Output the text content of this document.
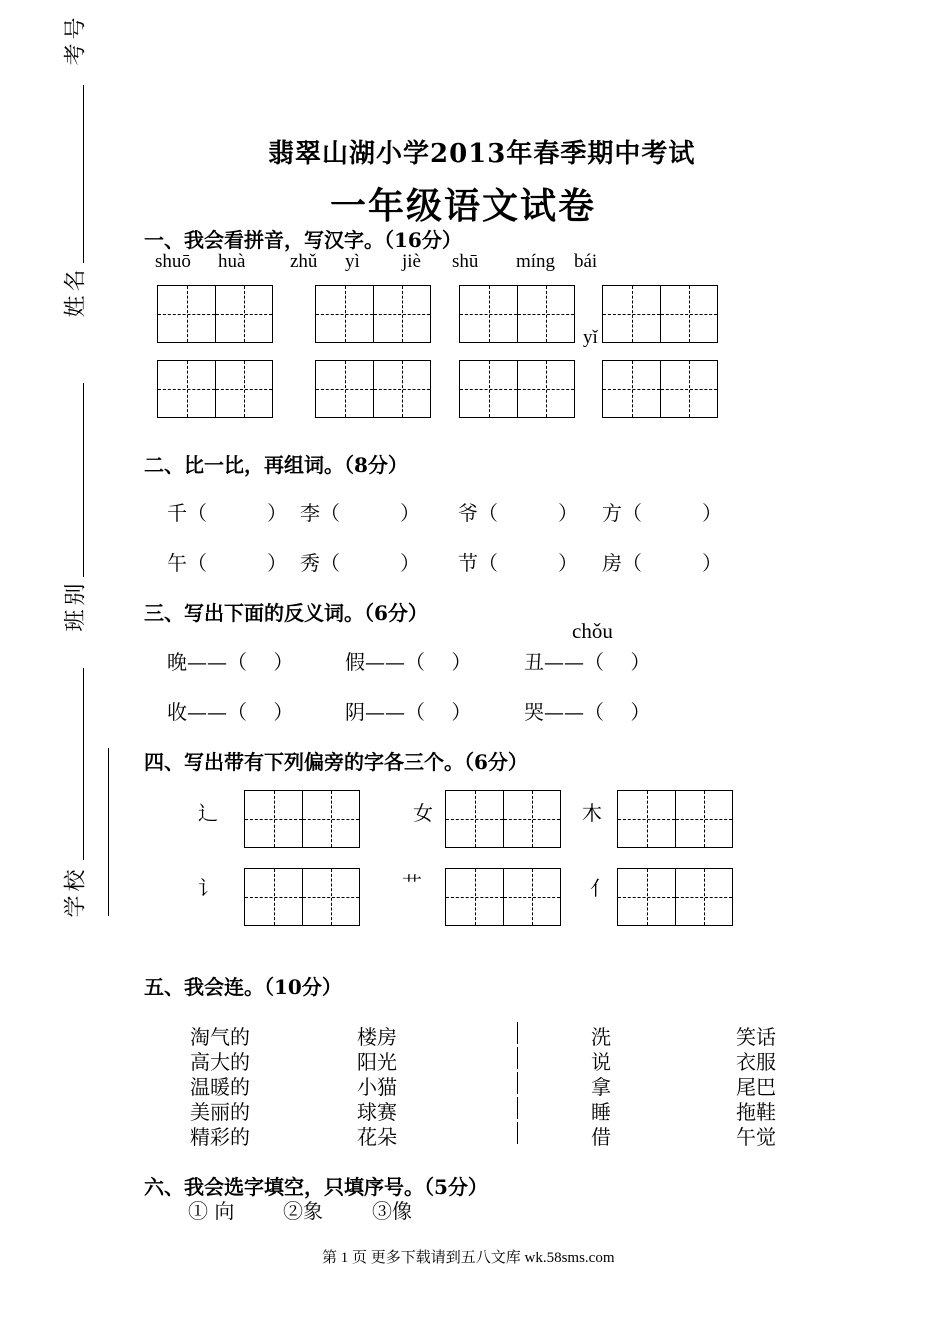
考号
姓名
班别
学校
翡翠山湖小学2013年春季期中考试
一年级语文试卷
一、我会看拼音，写汉字。（16分）
shuō huà zhǔ yì jiè shū míng bái
yǐ
二、比一比，再组词。（8分）
千（　　　） 李（　　　） 爷（　　　） 方（　　　）
午（　　　） 秀（　　　） 节（　　　） 房（　　　）
三、写出下面的反义词。（6分）
chǒu
晚——（　 ）	假——（　 ）	丑——（　 ）
收——（　 ）	阴——（　 ）	哭——（　 ）
四、写出带有下列偏旁的字各三个。（6分）
辶	女	木
讠	艹	亻
五、我会连。（10分）
淘气的
高大的
温暖的
美丽的
精彩的
楼房
阳光
小猫
球赛
花朵
洗
说
拿
睡
借
笑话
衣服
尾巴
拖鞋
午觉
六、我会选字填空，只填序号。（5分）
① 向 ②象 ③像
第 1 页 更多下载请到五八文库 wk.58sms.com
